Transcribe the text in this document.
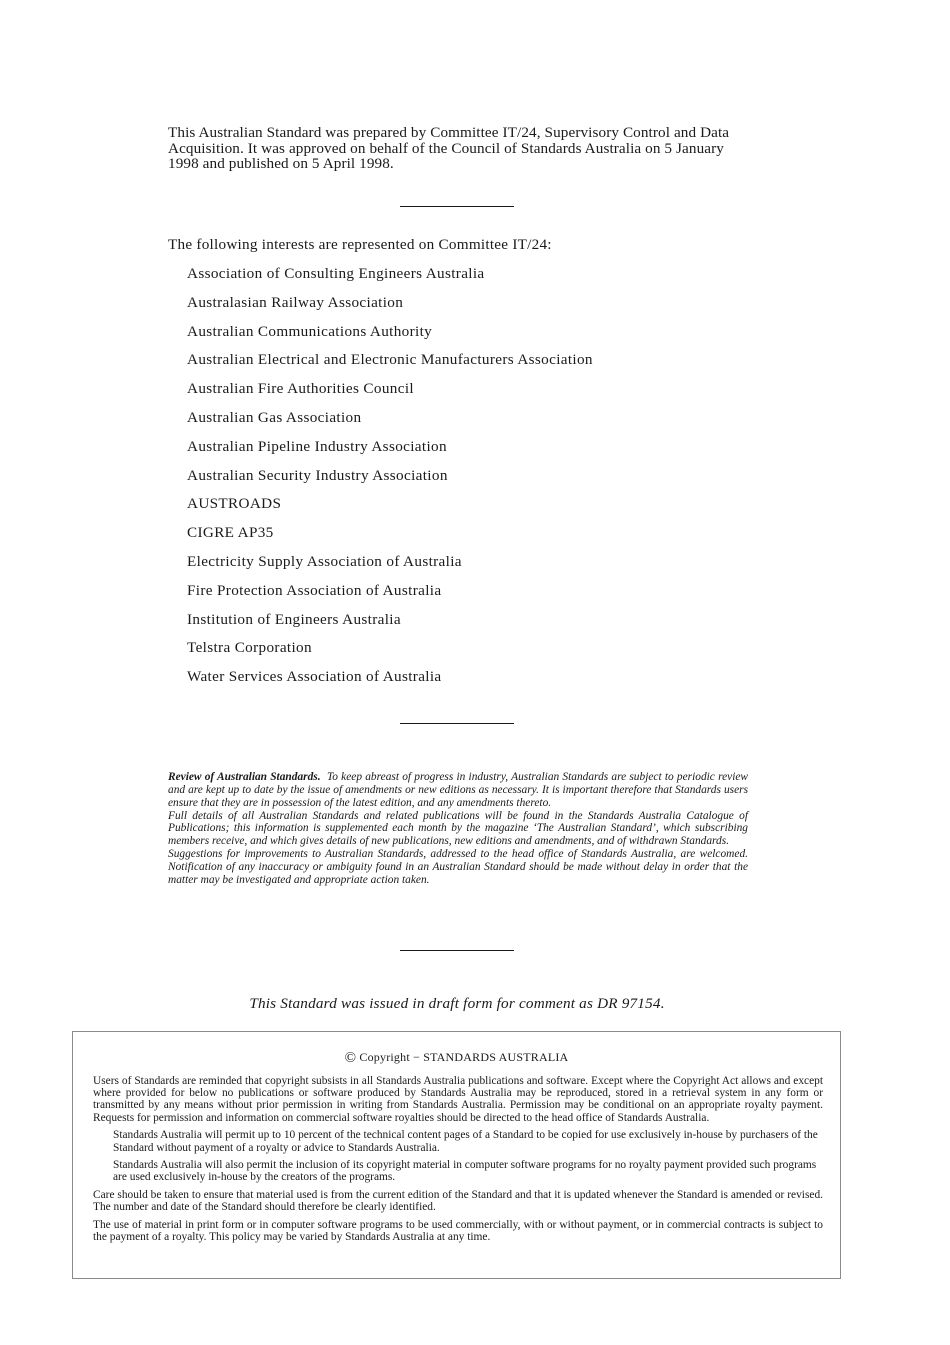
This Australian Standard was prepared by Committee IT/24, Supervisory Control and Data Acquisition. It was approved on behalf of the Council of Standards Australia on 5 January 1998 and published on 5 April 1998.
The following interests are represented on Committee IT/24:
Association of Consulting Engineers Australia
Australasian Railway Association
Australian Communications Authority
Australian Electrical and Electronic Manufacturers Association
Australian Fire Authorities Council
Australian Gas Association
Australian Pipeline Industry Association
Australian Security Industry Association
AUSTROADS
CIGRE AP35
Electricity Supply Association of Australia
Fire Protection Association of Australia
Institution of Engineers Australia
Telstra Corporation
Water Services Association of Australia

Review of Australian Standards. To keep abreast of progress in industry, Australian Standards are subject to periodic review and are kept up to date by the issue of amendments or new editions as necessary. It is important therefore that Standards users ensure that they are in possession of the latest edition, and any amendments thereto.

Full details of all Australian Standards and related publications will be found in the Standards Australia Catalogue of Publications; this information is supplemented each month by the magazine ‘The Australian Standard’, which subscribing members receive, and which gives details of new publications, new editions and amendments, and of withdrawn Standards.

Suggestions for improvements to Australian Standards, addressed to the head office of Standards Australia, are welcomed. Notification of any inaccuracy or ambiguity found in an Australian Standard should be made without delay in order that the matter may be investigated and appropriate action taken.

This Standard was issued in draft form for comment as DR 97154.
© Copyright − STANDARDS AUSTRALIA

Users of Standards are reminded that copyright subsists in all Standards Australia publications and software. Except where the Copyright Act allows and except where provided for below no publications or software produced by Standards Australia may be reproduced, stored in a retrieval system in any form or transmitted by any means without prior permission in writing from Standards Australia. Permission may be conditional on an appropriate royalty payment. Requests for permission and information on commercial software royalties should be directed to the head office of Standards Australia.

Standards Australia will permit up to 10 percent of the technical content pages of a Standard to be copied for use exclusively in-house by purchasers of the Standard without payment of a royalty or advice to Standards Australia.

Standards Australia will also permit the inclusion of its copyright material in computer software programs for no royalty payment provided such programs are used exclusively in-house by the creators of the programs.

Care should be taken to ensure that material used is from the current edition of the Standard and that it is updated whenever the Standard is amended or revised. The number and date of the Standard should therefore be clearly identified.

The use of material in print form or in computer software programs to be used commercially, with or without payment, or in commercial contracts is subject to the payment of a royalty. This policy may be varied by Standards Australia at any time.
